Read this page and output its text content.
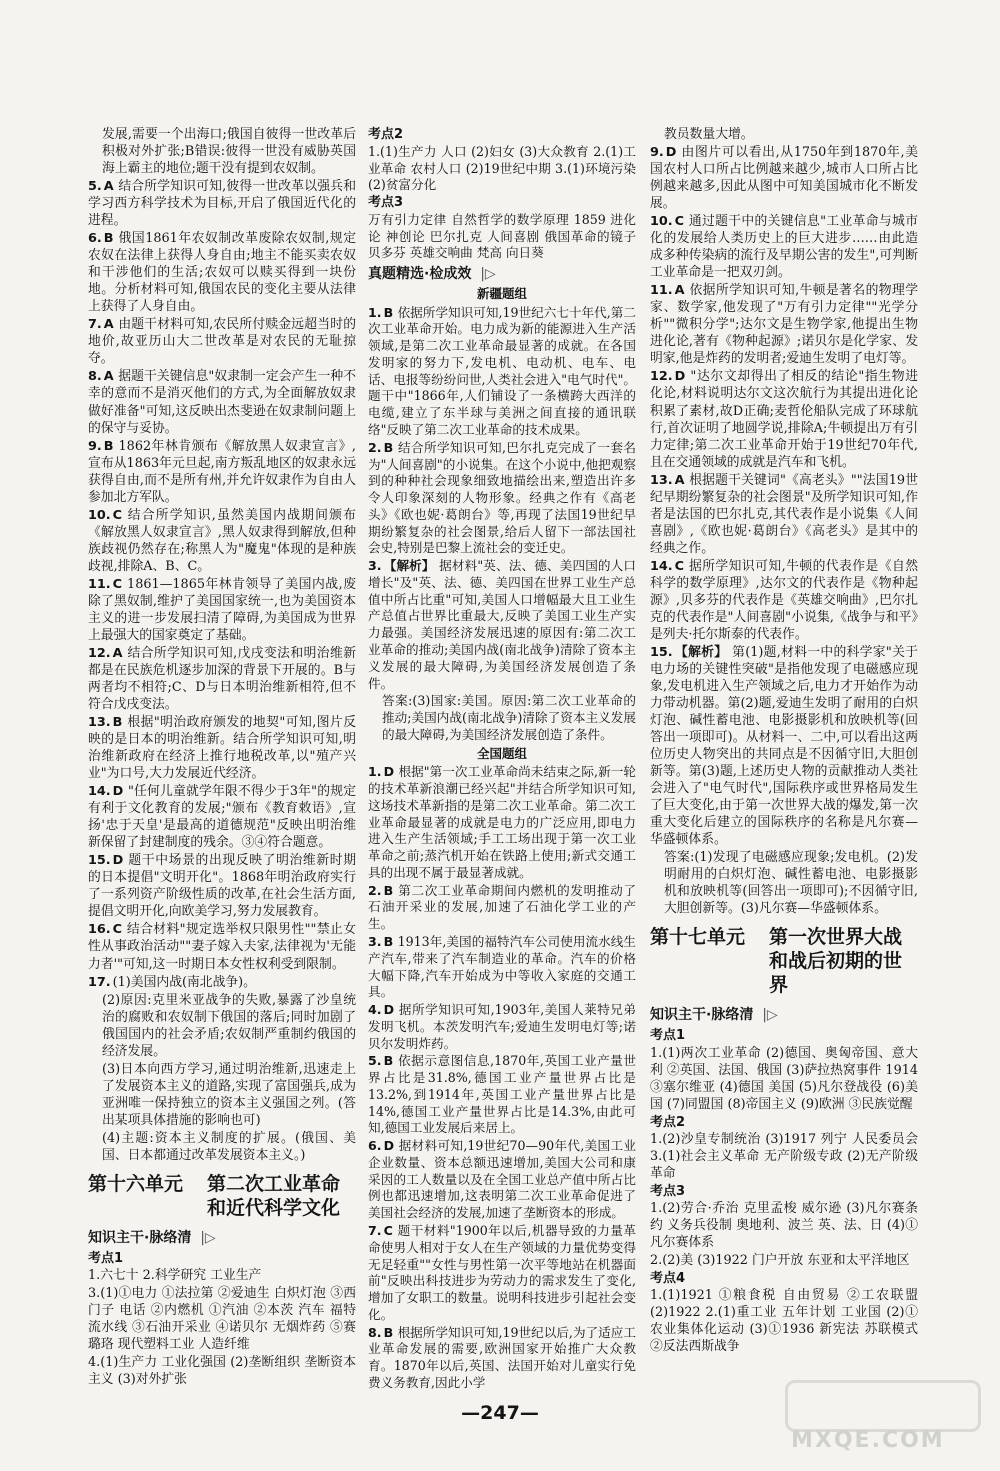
发展,需要一个出海口;俄国自彼得一世改革后积极对外扩张;B错误:彼得一世没有威胁英国海上霸主的地位;题干没有提到农奴制。
5. A 结合所学知识可知,彼得一世改革以强兵和学习西方科学技术为目标,开启了俄国近代化的进程。
6. B 俄国1861年农奴制改革废除农奴制,规定农奴在法律上获得人身自由;地主不能买卖农奴和干涉他们的生活;农奴可以赎买得到一块份地。分析材料可知,俄国农民的变化主要从法律上获得了人身自由。
7. A 由题干材料可知,农民所付赎金远超当时的地价,故亚历山大二世改革是对农民的无耻掠夺。
8. A 据题干关键信息"奴隶制一定会产生一种不幸的意而不是消灭他们的方式,为全面解放奴隶做好准备"可知,这反映出杰斐逊在奴隶制问题上的保守与妥协。
9. B 1862年林肯颁布《解放黑人奴隶宣言》,宣布从1863年元旦起,南方叛乱地区的奴隶永远获得自由,而不是所有州,并允许奴隶作为自由人参加北方军队。
10. C 结合所学知识,虽然美国内战期间颁布《解放黑人奴隶宣言》,黑人奴隶得到解放,但种族歧视仍然存在;称黑人为"魔鬼"体现的是种族歧视,排除A、B、C。
11. C 1861—1865年林肯领导了美国内战,废除了黑奴制,维护了美国国家统一,也为美国资本主义的进一步发展扫清了障碍,为美国成为世界上最强大的国家奠定了基础。
12. A 结合所学知识可知,戊戌变法和明治维新都是在民族危机逐步加深的背景下开展的。B与两者均不相符;C、D与日本明治维新相符,但不符合戊戌变法。
13. B 根据"明治政府颁发的地契"可知,图片反映的是日本的明治维新。结合所学知识可知,明治维新政府在经济上推行地税改革,以"殖产兴业"为口号,大力发展近代经济。
14. D "任何儿童就学年限不得少于3年"的规定有利于文化教育的发展;"颁布《教育敕语》,宣扬'忠于天皇'是最高的道德规范"反映出明治维新保留了封建制度的残余。③④符合题意。
15. D 题干中场景的出现反映了明治维新时期的日本提倡"文明开化"。1868年明治政府实行了一系列资产阶级性质的改革,在社会生活方面,提倡文明开化,向欧美学习,努力发展教育。
16. C 结合材料"规定选举权只限男性""禁止女性从事政治活动""妻子嫁入夫家,法律视为'无能力者'"可知,这一时期日本女性权利受到限制。
17. (1)美国内战(南北战争)。
(2)原因:克里米亚战争的失败,暴露了沙皇统治的腐败和农奴制下俄国的落后;同时加剧了俄国国内的社会矛盾;农奴制严重制约俄国的经济发展。
(3)日本向西方学习,通过明治维新,迅速走上了发展资本主义的道路,实现了富国强兵,成为亚洲唯一保持独立的资本主义强国之列。(答出某项具体措施的影响也可)
(4)主题:资本主义制度的扩展。(俄国、美国、日本都通过改革发展资本主义。)
第十六单元 第二次工业革命和近代科学文化
知识主干·脉络清 |▷
考点1
1.六七十 2.科学研究 工业生产
3.(1)①电力 ①法拉第 ②爱迪生 白炽灯泡 ③西门子 电话 ②内燃机 ①汽油 ②本茨 汽车 福特 流水线 ③石油开采业 ④诺贝尔 无烟炸药 ⑤赛璐珞 现代塑料工业 人造纤维
4.(1)生产力 工业化强国 (2)垄断组织 垄断资本主义 (3)对外扩张
考点2
1.(1)生产力 人口 (2)妇女 (3)大众教育 2.(1)工业革命 农村人口 (2)19世纪中期 3.(1)环境污染 (2)贫富分化
考点3
万有引力定律 自然哲学的数学原理 1859 进化论 神创论 巴尔扎克 人间喜剧 俄国革命的镜子 贝多芬 英雄交响曲 梵高 向日葵
真题精选·检成效 |▷
新疆题组
1. B 依据所学知识可知,19世纪六七十年代,第二次工业革命开始。电力成为新的能源进入生产活领域,是第二次工业革命最显著的成就。在各国发明家的努力下,发电机、电动机、电车、电话、电报等纷纷问世,人类社会进入"电气时代"。题干中"1866年,人们铺设了一条横跨大西洋的电缆,建立了东半球与美洲之间直接的通讯联络"反映了第二次工业革命的技术成果。
2. B 结合所学知识可知,巴尔扎克完成了一套名为"人间喜剧"的小说集。在这个小说中,他把观察到的种种社会现象细致地描绘出来,塑造出许多令人印象深刻的人物形象。经典之作有《高老头》《欧也妮·葛朗台》等,再现了法国19世纪早期纷繁复杂的社会图景,给后人留下一部法国社会史,特别是巴黎上流社会的变迁史。
3. 【解析】 据材料"英、法、德、美四国的人口增长"及"英、法、德、美四国在世界工业生产总值中所占比重"可知,美国人口增幅最大且工业生产总值占世界比重最大,反映了美国工业生产实力最强。美国经济发展迅速的原因有:第二次工业革命的推动;美国内战(南北战争)清除了资本主义发展的最大障碍,为美国经济发展创造了条件。
答案:(3)国家:美国。原因:第二次工业革命的推动;美国内战(南北战争)清除了资本主义发展的最大障碍,为美国经济发展创造了条件。
全国题组
1. D 根据"第一次工业革命尚未结束之际,新一轮的技术革新浪潮已经兴起"并结合所学知识可知,这场技术革新指的是第二次工业革命。第二次工业革命最显著的成就是电力的广泛应用,即电力进入生产生活领域;手工工场出现于第一次工业革命之前;蒸汽机开始在铁路上使用;新式交通工具的出现不属于最显著成就。
2. B 第二次工业革命期间内燃机的发明推动了石油开采业的发展,加速了石油化学工业的产生。
3. B 1913年,美国的福特汽车公司使用流水线生产汽车,带来了汽车制造业的革命。汽车的价格大幅下降,汽车开始成为中等收入家庭的交通工具。
4. D 据所学知识可知,1903年,美国人莱特兄弟发明飞机。本茨发明汽车;爱迪生发明电灯等;诺贝尔发明炸药。
5. B 依据示意图信息,1870年,英国工业产量世界占比是31.8%,德国工业产量世界占比是13.2%,到1914年,英国工业产量世界占比是14%,德国工业产量世界占比是14.3%,由此可知,德国工业发展后来居上。
6. D 据材料可知,19世纪70—90年代,美国工业企业数量、资本总额迅速增加,美国大公司和康采因的工人数量以及在全国工业总产值中所占比例也都迅速增加,这表明第二次工业革命促进了美国社会经济的发展,加速了垄断资本的形成。
7. C 题干材料"1900年以后,机器导致的力量革命使男人相对于女人在生产领域的力量优势变得无足轻重""女性与男性第一次平等地站在机器面前"反映出科技进步为劳动力的需求发生了变化,增加了女职工的数量。说明科技进步引起社会变化。
8. B 根据所学知识可知,19世纪以后,为了适应工业革命发展的需要,欧洲国家开始推广大众教育。1870年以后,英国、法国开始对儿童实行免费义务教育,因此小学
教员数量大增。
9. D 由图片可以看出,从1750年到1870年,美国农村人口所占比例越来越少,城市人口所占比例越来越多,因此从图中可知美国城市化不断发展。
10. C 通过题干中的关键信息"工业革命与城市化的发展给人类历史上的巨大进步……由此造成多种传染病的流行及早期公害的发生",可判断工业革命是一把双刃剑。
11. A 依据所学知识可知,牛顿是著名的物理学家、数学家,他发现了"万有引力定律""光学分析""微积分学";达尔文是生物学家,他提出生物进化论,著有《物种起源》;诺贝尔是化学家、发明家,他是炸药的发明者;爱迪生发明了电灯等。
12. D "达尔文却得出了相反的结论"指生物进化论,材料说明达尔文这次航行为其提出进化论积累了素材,故D正确;麦哲伦船队完成了环球航行,首次证明了地圆学说,排除A;牛顿提出万有引力定律;第二次工业革命开始于19世纪70年代,且在交通领域的成就是汽车和飞机。
13. A 根据题干关键词"《高老头》""法国19世纪早期纷繁复杂的社会图景"及所学知识可知,作者是法国的巴尔扎克,其代表作是小说集《人间喜剧》,《欧也妮·葛朗台》《高老头》是其中的经典之作。
14. C 据所学知识可知,牛顿的代表作是《自然科学的数学原理》,达尔文的代表作是《物种起源》,贝多芬的代表作是《英雄交响曲》,巴尔扎克的代表作是"人间喜剧"小说集,《战争与和平》是列夫·托尔斯泰的代表作。
15. 【解析】 第(1)题,材料一中的科学家"关于电力场的关键性突破"是指他发现了电磁感应现象,发电机进入生产领域之后,电力才开始作为动力带动机器。第(2)题,爱迪生发明了耐用的白炽灯泡、碱性蓄电池、电影摄影机和放映机等(回答出一项即可)。从材料一、二中,可以看出这两位历史人物突出的共同点是不因循守旧,大胆创新等。第(3)题,上述历史人物的贡献推动人类社会进入了"电气时代",国际秩序或世界格局发生了巨大变化,由于第一次世界大战的爆发,第一次重大变化后建立的国际秩序的名称是凡尔赛—华盛顿体系。
答案:(1)发现了电磁感应现象;发电机。(2)发明耐用的白炽灯泡、碱性蓄电池、电影摄影机和放映机等(回答出一项即可);不因循守旧,大胆创新等。(3)凡尔赛—华盛顿体系。
第十七单元 第一次世界大战和战后初期的世界
知识主干·脉络清 |▷
考点1
1.(1)两次工业革命 (2)德国、奥匈帝国、意大利 ②英国、法国、俄国 (3)萨拉热窝事件 1914 ③塞尔维亚 (4)德国 美国 (5)凡尔登战役 (6)美国 (7)同盟国 (8)帝国主义 (9)欧洲 ③民族觉醒
考点2
1.(2)沙皇专制统治 (3)1917 列宁 人民委员会 3.(1)社会主义革命 无产阶级专政 (2)无产阶级革命
考点3
1.(2)劳合·乔治 克里孟梭 威尔逊 (3)凡尔赛条约 义务兵役制 奥地利、波兰 英、法、日 (4)①凡尔赛体系
2.(2)美 (3)1922 门户开放 东亚和太平洋地区
考点4
1.(1)1921 ①粮食税 自由贸易 ②工农联盟 (2)1922 2.(1)重工业 五年计划 工业国 (2)①农业集体化运动 (3)①1936 新宪法 苏联模式 ②反法西斯战争
—247—
MXQE.COM
